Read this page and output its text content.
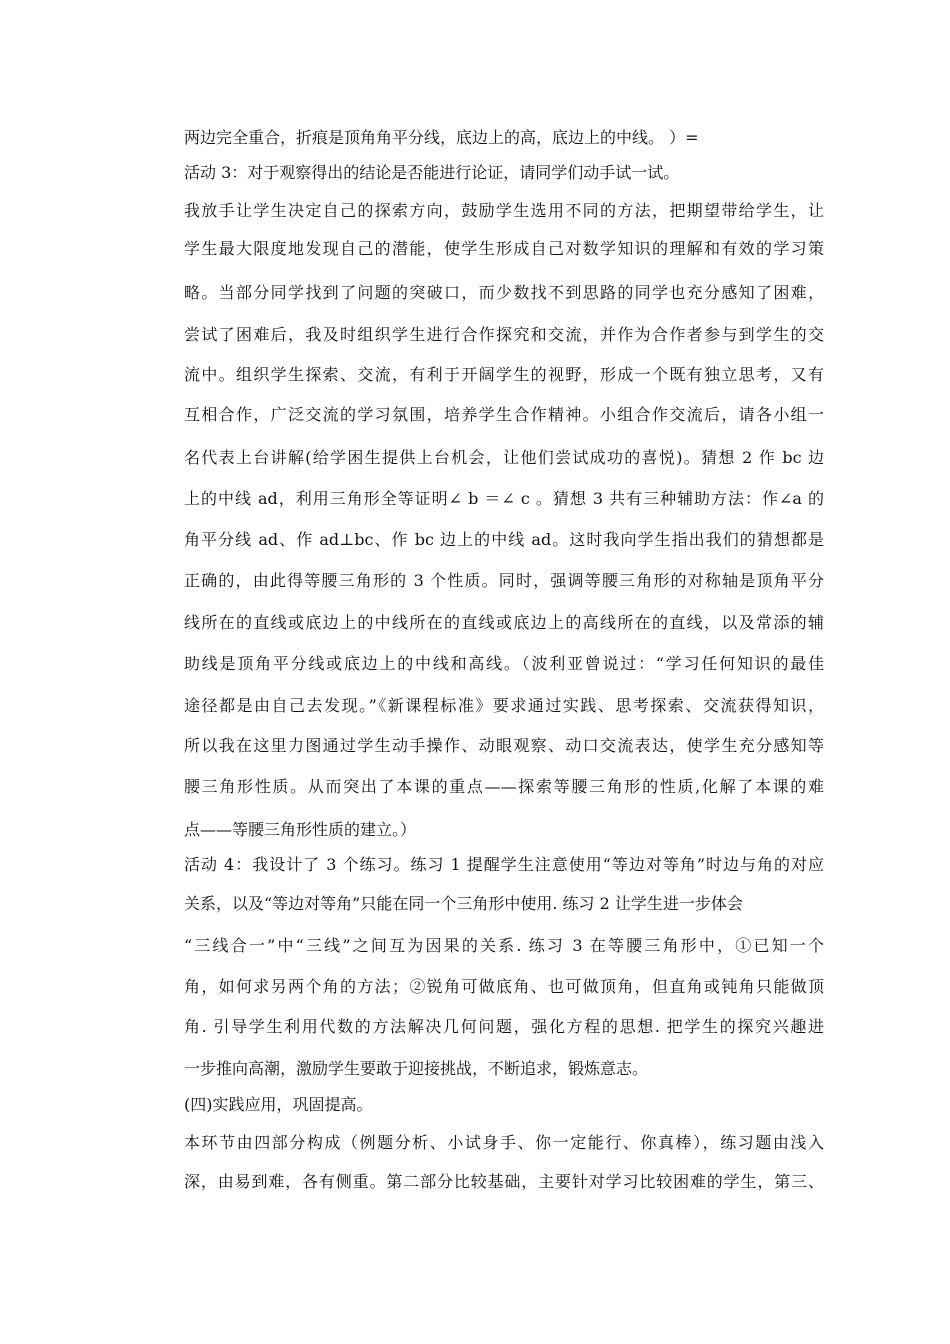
两边完全重合，折痕是顶角角平分线，底边上的高，底边上的中线。 ）=
活动 3：对于观察得出的结论是否能进行论证，请同学们动手试一试。
我放手让学生决定自己的探索方向，鼓励学生选用不同的方法，把期望带给学生，让
学生最大限度地发现自己的潜能，使学生形成自己对数学知识的理解和有效的学习策
略。当部分同学找到了问题的突破口，而少数找不到思路的同学也充分感知了困难，
尝试了困难后，我及时组织学生进行合作探究和交流，并作为合作者参与到学生的交
流中。组织学生探索、交流，有利于开阔学生的视野，形成一个既有独立思考，又有
互相合作，广泛交流的学习氛围，培养学生合作精神。小组合作交流后，请各小组一
名代表上台讲解(给学困生提供上台机会，让他们尝试成功的喜悦)。猜想 2 作 bc 边
上的中线 ad，利用三角形全等证明∠ b ＝∠ c 。猜想 3 共有三种辅助方法：作∠a 的
角平分线 ad、作 ad⊥bc、作 bc 边上的中线 ad。这时我向学生指出我们的猜想都是
正确的，由此得等腰三角形的 3 个性质。同时，强调等腰三角形的对称轴是顶角平分
线所在的直线或底边上的中线所在的直线或底边上的高线所在的直线，以及常添的辅
助线是顶角平分线或底边上的中线和高线。（波利亚曾说过：“学习任何知识的最佳
途径都是由自己去发现。”《新课程标准》要求通过实践、思考探索、交流获得知识，
所以我在这里力图通过学生动手操作、动眼观察、动口交流表达，使学生充分感知等
腰三角形性质。从而突出了本课的重点——探索等腰三角形的性质,化解了本课的难
点——等腰三角形性质的建立。）
活动 4：我设计了 3 个练习。练习 1 提醒学生注意使用“等边对等角”时边与角的对应
关系，以及“等边对等角”只能在同一个三角形中使用. 练习 2 让学生进一步体会
“三线合一”中“三线”之间互为因果的关系. 练习 3 在等腰三角形中，①已知一个
角，如何求另两个角的方法；②锐角可做底角、也可做顶角，但直角或钝角只能做顶
角. 引导学生利用代数的方法解决几何问题，强化方程的思想. 把学生的探究兴趣进
一步推向高潮，激励学生要敢于迎接挑战，不断追求，锻炼意志。
(四)实践应用，巩固提高。
本环节由四部分构成（例题分析、小试身手、你一定能行、你真棒），练习题由浅入
深，由易到难，各有侧重。第二部分比较基础，主要针对学习比较困难的学生，第三、
